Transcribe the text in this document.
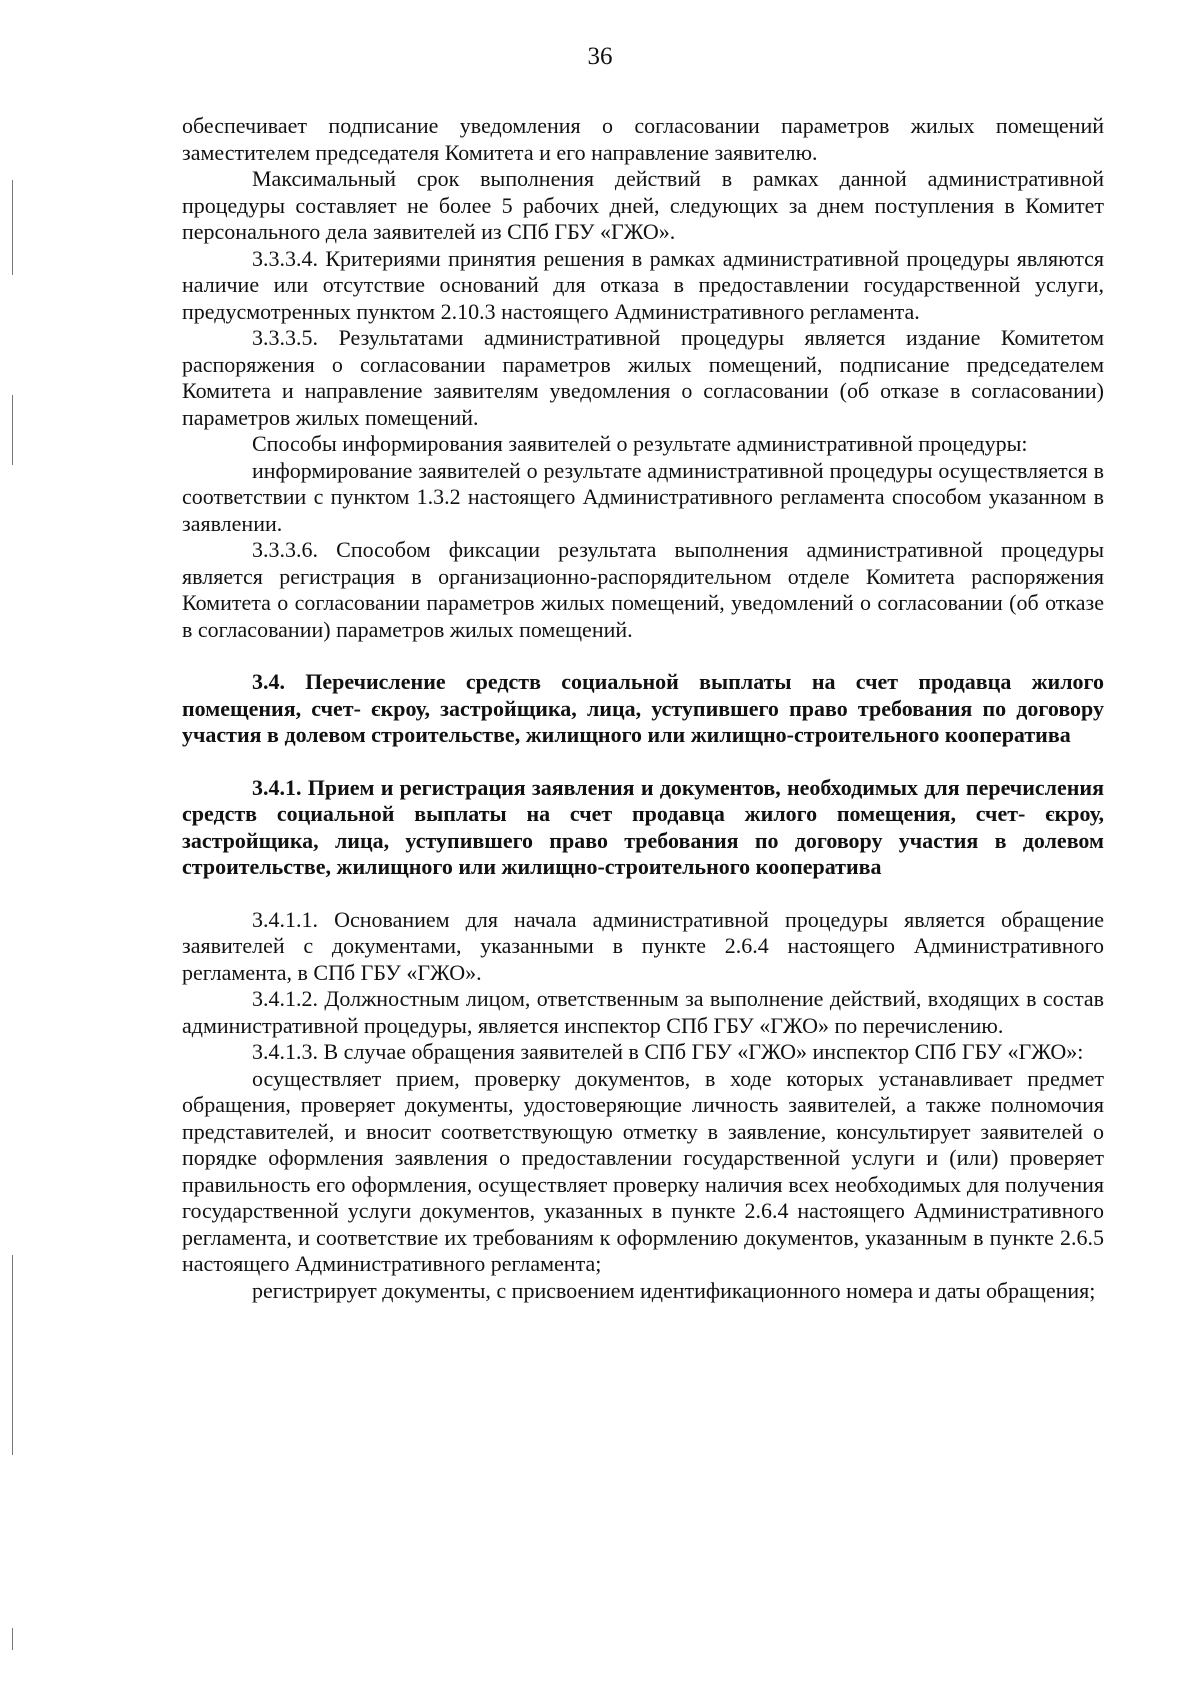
36

обеспечивает подписание уведомления о согласовании параметров жилых помещений заместителем председателя Комитета и его направление заявителю.

Максимальный срок выполнения действий в рамках данной административной процедуры составляет не более 5 рабочих дней, следующих за днем поступления в Комитет персонального дела заявителей из СПб ГБУ «ГЖО».

3.3.3.4. Критериями принятия решения в рамках административной процедуры являются наличие или отсутствие оснований для отказа в предоставлении государственной услуги, предусмотренных пунктом 2.10.3 настоящего Административного регламента.

3.3.3.5. Результатами административной процедуры является издание Комитетом распоряжения о согласовании параметров жилых помещений, подписание председателем Комитета и направление заявителям уведомления о согласовании (об отказе в согласовании) параметров жилых помещений.

Способы информирования заявителей о результате административной процедуры:

информирование заявителей о результате административной процедуры осуществляется в соответствии с пунктом 1.3.2 настоящего Административного регламента способом указанном в заявлении.

3.3.3.6. Способом фиксации результата выполнения административной процедуры является регистрация в организационно-распорядительном отделе Комитета распоряжения Комитета о согласовании параметров жилых помещений, уведомлений о согласовании (об отказе в согласовании) параметров жилых помещений.

3.4. Перечисление средств социальной выплаты на счет продавца жилого помещения, счет- єкроу, застройщика, лица, уступившего право требования по договору участия в долевом строительстве, жилищного или жилищно-строительного кооператива

3.4.1. Прием и регистрация заявления и документов, необходимых для перечисления средств социальной выплаты на счет продавца жилого помещения, счет- єкроу, застройщика, лица, уступившего право требования по договору участия в долевом строительстве, жилищного или жилищно-строительного кооператива

3.4.1.1. Основанием для начала административной процедуры является обращение заявителей с документами, указанными в пункте 2.6.4 настоящего Административного регламента, в СПб ГБУ «ГЖО».

3.4.1.2. Должностным лицом, ответственным за выполнение действий, входящих в состав административной процедуры, является инспектор СПб ГБУ «ГЖО» по перечислению.

3.4.1.3. В случае обращения заявителей в СПб ГБУ «ГЖО» инспектор СПб ГБУ «ГЖО»:

осуществляет прием, проверку документов, в ходе которых устанавливает предмет обращения, проверяет документы, удостоверяющие личность заявителей, а также полномочия представителей, и вносит соответствующую отметку в заявление, консультирует заявителей о порядке оформления заявления о предоставлении государственной услуги и (или) проверяет правильность его оформления, осуществляет проверку наличия всех необходимых для получения государственной услуги документов, указанных в пункте 2.6.4 настоящего Административного регламента, и соответствие их требованиям к оформлению документов, указанным в пункте 2.6.5 настоящего Административного регламента;

регистрирует документы, с присвоением идентификационного номера и даты обращения;
